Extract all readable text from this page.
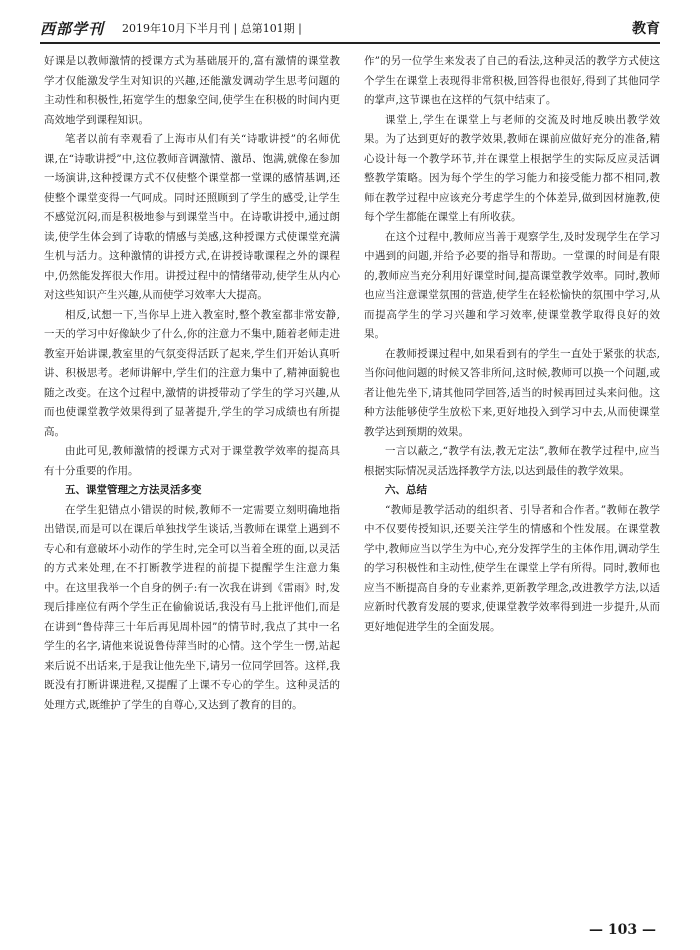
西部学刊 2019年10月下半月刊 | 总第101期 |	教育

好课是以教师激情的授课方式为基础展开的,富有激情的课堂教学才仅能激发学生对知识的兴趣,还能激发调动学生思考问题的主动性和积极性,拓宽学生的想象空间,使学生在积极的时间内更高效地学到课程知识。

笔者以前有幸观看了上海市从们有关“诗歌讲授”的名师优课,在“诗歌讲授”中,这位教师音调激情、激昂、饱满,就像在参加一场演讲,这种授课方式不仅使整个课堂都一堂课的感情基调,还使整个课堂变得一气呵成。同时还照顾到了学生的感受,让学生不感觉沉闷,而是积极地参与到课堂当中。在诗歌讲授中,通过朗读,使学生体会到了诗歌的情感与美感,这种授课方式使课堂充满生机与活力。这种激情的讲授方式,在讲授诗歌课程之外的课程中,仍然能发挥很大作用。讲授过程中的情绪带动,使学生从内心对这些知识产生兴趣,从而使学习效率大大提高。

相反,试想一下,当你早上进入教室时,整个教室都非常安静,一天的学习中好像缺少了什么,你的注意力不集中,随着老师走进教室开始讲课,教室里的气氛变得活跃了起来,学生们开始认真听讲、积极思考。老师讲解中,学生们的注意力集中了,精神面貌也随之改变。在这个过程中,激情的讲授带动了学生的学习兴趣,从而也使课堂教学效果得到了显著提升,学生的学习成绩也有所提高。

由此可见,教师激情的授课方式对于课堂教学效率的提高具有十分重要的作用。

五、课堂管理之方法灵活多变

在学生犯错点小错误的时候,教师不一定需要立刻明确地指出错误,而是可以在课后单独找学生谈话,当教师在课堂上遇到不专心和有意破坏小动作的学生时,完全可以当着全班的面,以灵活的方式来处理,在不打断教学进程的前提下提醒学生注意力集中。在这里我举一个自身的例子:有一次我在讲到《雷雨》时,发现后排座位有两个学生正在偷偷说话,我没有马上批评他们,而是在讲到“鲁侍萍三十年后再见周朴园”的情节时,我点了其中一名学生的名字,请他来说说鲁侍萍当时的心情。这个学生一愣,站起来后说不出话来,于是我让他先坐下,请另一位同学回答。这样,我既没有打断讲课进程,又提醒了上课不专心的学生。这种灵活的处理方式,既维护了学生的自尊心,又达到了教育的目的。

作”的另一位学生来发表了自己的看法,这种灵活的教学方式使这个学生在课堂上表现得非常积极,回答得也很好,得到了其他同学的掌声,这节课也在这样的气氛中结束了。

课堂上,学生在课堂上与老师的交流及时地反映出教学效果。为了达到更好的教学效果,教师在课前应做好充分的准备,精心设计每一个教学环节,并在课堂上根据学生的实际反应灵活调整教学策略。因为每个学生的学习能力和接受能力都不相同,教师在教学过程中应该充分考虑学生的个体差异,做到因材施教,使每个学生都能在课堂上有所收获。

在这个过程中,教师应当善于观察学生,及时发现学生在学习中遇到的问题,并给予必要的指导和帮助。一堂课的时间是有限的,教师应当充分利用好课堂时间,提高课堂教学效率。同时,教师也应当注意课堂氛围的营造,使学生在轻松愉快的氛围中学习,从而提高学生的学习兴趣和学习效率,使课堂教学取得良好的效果。

在教师授课过程中,如果看到有的学生一直处于紧张的状态,当你问他问题的时候又答非所问,这时候,教师可以换一个问题,或者让他先坐下,请其他同学回答,适当的时候再回过头来问他。这种方法能够使学生放松下来,更好地投入到学习中去,从而使课堂教学达到预期的效果。

一言以蔽之,“教学有法,教无定法”,教师在教学过程中,应当根据实际情况灵活选择教学方法,以达到最佳的教学效果。

六、总结

“教师是教学活动的组织者、引导者和合作者。”教师在教学中不仅要传授知识,还要关注学生的情感和个性发展。在课堂教学中,教师应当以学生为中心,充分发挥学生的主体作用,调动学生的学习积极性和主动性,使学生在课堂上学有所得。同时,教师也应当不断提高自身的专业素养,更新教学理念,改进教学方法,以适应新时代教育发展的要求,使课堂教学效率得到进一步提升,从而更好地促进学生的全面发展。

— 103 —
